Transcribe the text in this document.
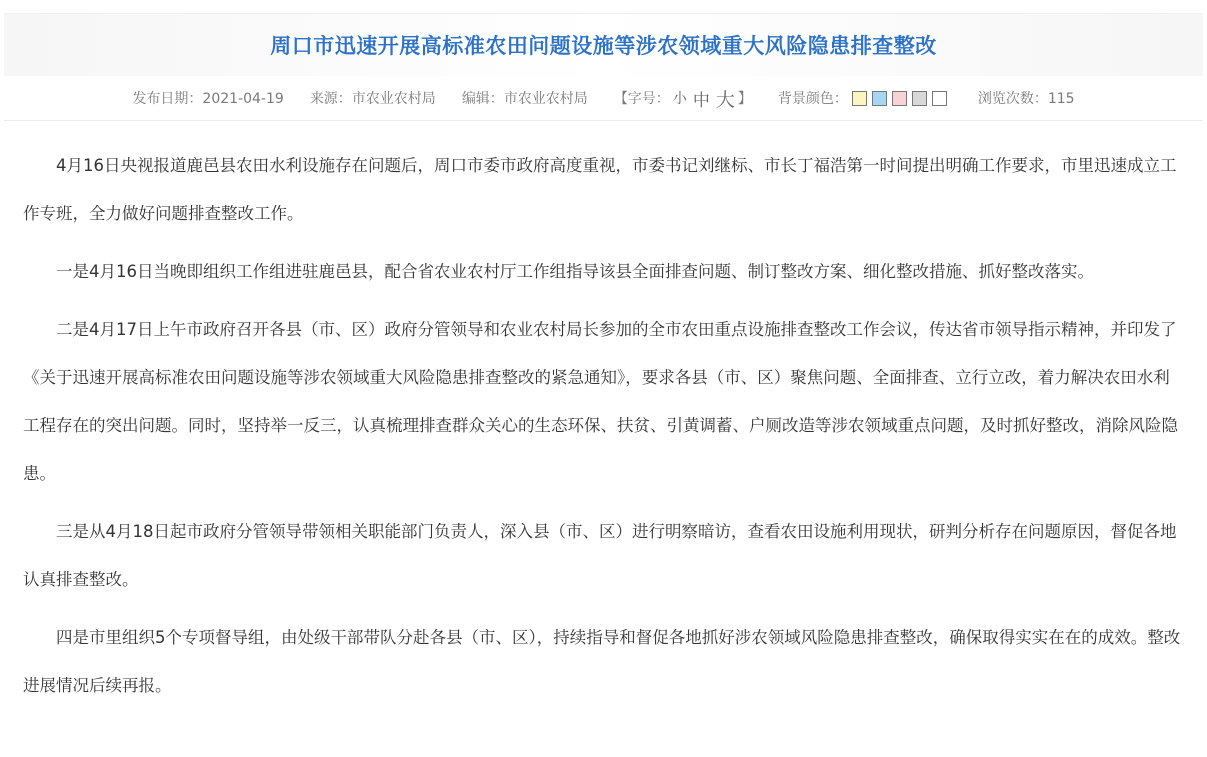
周口市迅速开展高标准农田问题设施等涉农领域重大风险隐患排查整改
发布日期：2021-04-19 来源：市农业农村局 编辑：市农业农村局 【字号： 小 中 大 】 背景颜色：	浏览次数：115

4月16日央视报道鹿邑县农田水利设施存在问题后，周口市委市政府高度重视，市委书记刘继标、市长丁福浩第一时间提出明确工作要求，市里迅速成立工作专班，全力做好问题排查整改工作。

一是4月16日当晚即组织工作组进驻鹿邑县，配合省农业农村厅工作组指导该县全面排查问题、制订整改方案、细化整改措施、抓好整改落实。

二是4月17日上午市政府召开各县（市、区）政府分管领导和农业农村局长参加的全市农田重点设施排查整改工作会议，传达省市领导指示精神，并印发了《关于迅速开展高标准农田问题设施等涉农领域重大风险隐患排查整改的紧急通知》，要求各县（市、区）聚焦问题、全面排查、立行立改，着力解决农田水利工程存在的突出问题。同时，坚持举一反三，认真梳理排查群众关心的生态环保、扶贫、引黄调蓄、户厕改造等涉农领域重点问题，及时抓好整改，消除风险隐患。

三是从4月18日起市政府分管领导带领相关职能部门负责人，深入县（市、区）进行明察暗访，查看农田设施利用现状，研判分析存在问题原因，督促各地认真排查整改。

四是市里组织5个专项督导组，由处级干部带队分赴各县（市、区），持续指导和督促各地抓好涉农领域风险隐患排查整改，确保取得实实在在的成效。整改进展情况后续再报。
